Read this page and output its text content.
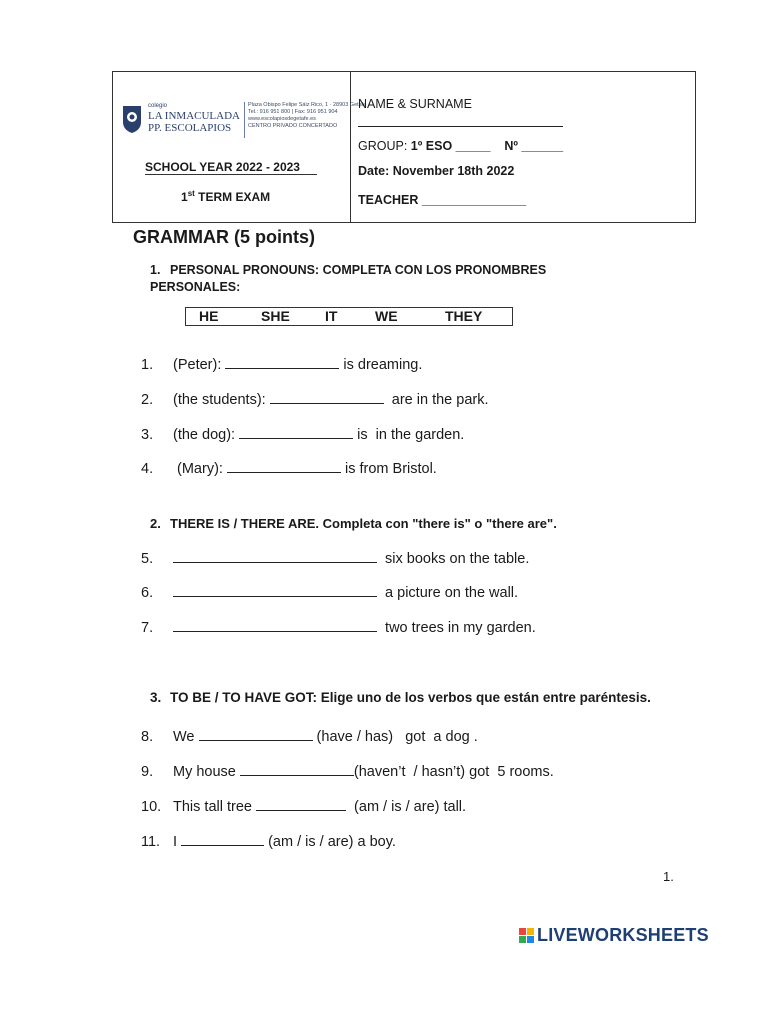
colegio
LA INMACULADA
PP. ESCOLAPIOS
Plaza Obispo Felipe Sáiz Rico, 1 · 28903 Getafe
Tel.: 916 951 800 | Fax: 916 951 904
www.escolapiosdegetafe.es
CENTRO PRIVADO CONCERTADO
SCHOOL YEAR 2022 - 2023
1st TERM EXAM
NAME & SURNAME
GROUP: 1º ESO _____    Nº ______
Date: November 18th 2022
TEACHER _______________
GRAMMAR (5 points)
1. PERSONAL PRONOUNS: COMPLETA CON LOS PRONOMBRES PERSONALES:
HE	SHE	IT	WE	THEY
1. (Peter):	is dreaming.
2. (the students):	are in the park.
3. (the dog):	is  in the garden.
4. (Mary):	is from Bristol.
2. THERE IS / THERE ARE. Completa con "there is" o "there are".
5.	six books on the table.
6.	a picture on the wall.
7.	two trees in my garden.
3. TO BE / TO HAVE GOT: Elige uno de los verbos que están entre paréntesis.
8. We	(have / has)   got  a dog .
9. My house	(haven’t  / hasn’t) got  5 rooms.
10. This tall tree	(am / is / are) tall.
11. I	(am / is / are) a boy.
1.
LIVEWORKSHEETS
